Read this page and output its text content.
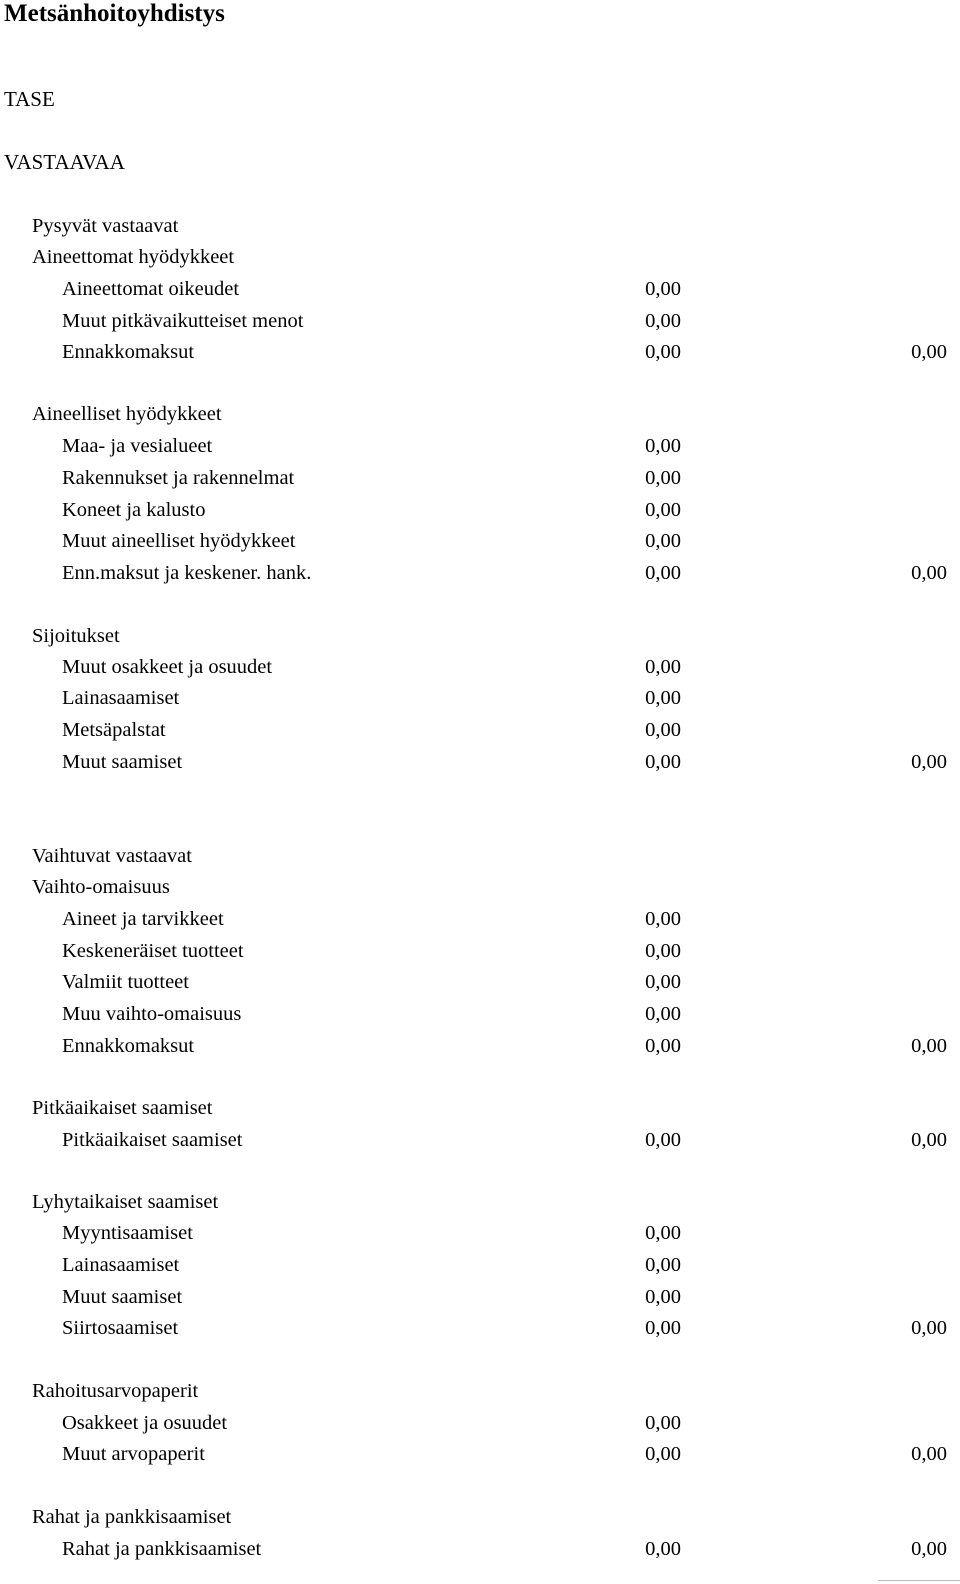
Metsänhoitoyhdistys
TASE
VASTAAVAA
Pysyvät vastaavat
Aineettomat hyödykkeet
Aineettomat oikeudet	0,00
Muut pitkävaikutteiset menot	0,00
Ennakkomaksut	0,00	0,00
Aineelliset hyödykkeet
Maa- ja vesialueet	0,00
Rakennukset ja rakennelmat	0,00
Koneet ja kalusto	0,00
Muut aineelliset hyödykkeet	0,00
Enn.maksut ja keskener. hank.	0,00	0,00
Sijoitukset
Muut osakkeet ja osuudet	0,00
Lainasaamiset	0,00
Metsäpalstat	0,00
Muut saamiset	0,00	0,00
Vaihtuvat vastaavat
Vaihto-omaisuus
Aineet ja tarvikkeet	0,00
Keskeneräiset tuotteet	0,00
Valmiit tuotteet	0,00
Muu vaihto-omaisuus	0,00
Ennakkomaksut	0,00	0,00
Pitkäaikaiset saamiset
Pitkäaikaiset saamiset	0,00	0,00
Lyhytaikaiset saamiset
Myyntisaamiset	0,00
Lainasaamiset	0,00
Muut saamiset	0,00
Siirtosaamiset	0,00	0,00
Rahoitusarvopaperit
Osakkeet ja osuudet	0,00
Muut arvopaperit	0,00	0,00
Rahat ja pankkisaamiset
Rahat ja pankkisaamiset	0,00	0,00
